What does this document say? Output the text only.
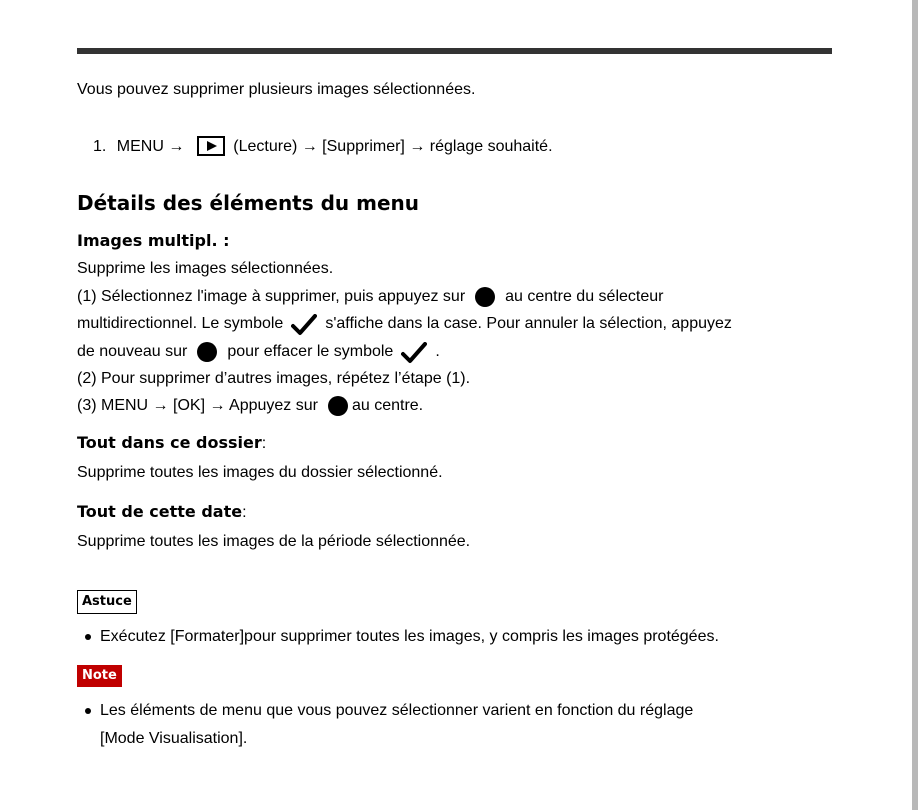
Vous pouvez supprimer plusieurs images sélectionnées.
1. MENU →	(Lecture) → [Supprimer] → réglage souhaité.
Détails des éléments du menu
Images multipl. :
Supprime les images sélectionnées.
(1) Sélectionnez l'image à supprimer, puis appuyez sur	au centre du sélecteur
multidirectionnel. Le symbole	s'affiche dans la case. Pour annuler la sélection, appuyez
de nouveau sur	pour effacer le symbole	.
(2) Pour supprimer d’autres images, répétez l’étape (1).
(3) MENU → [OK] → Appuyez sur au centre.
Tout dans ce dossier:
Supprime toutes les images du dossier sélectionné.
Tout de cette date:
Supprime toutes les images de la période sélectionnée.
Astuce
Exécutez [Formater]pour supprimer toutes les images, y compris les images protégées.
Note
Les éléments de menu que vous pouvez sélectionner varient en fonction du réglage
[Mode Visualisation].
